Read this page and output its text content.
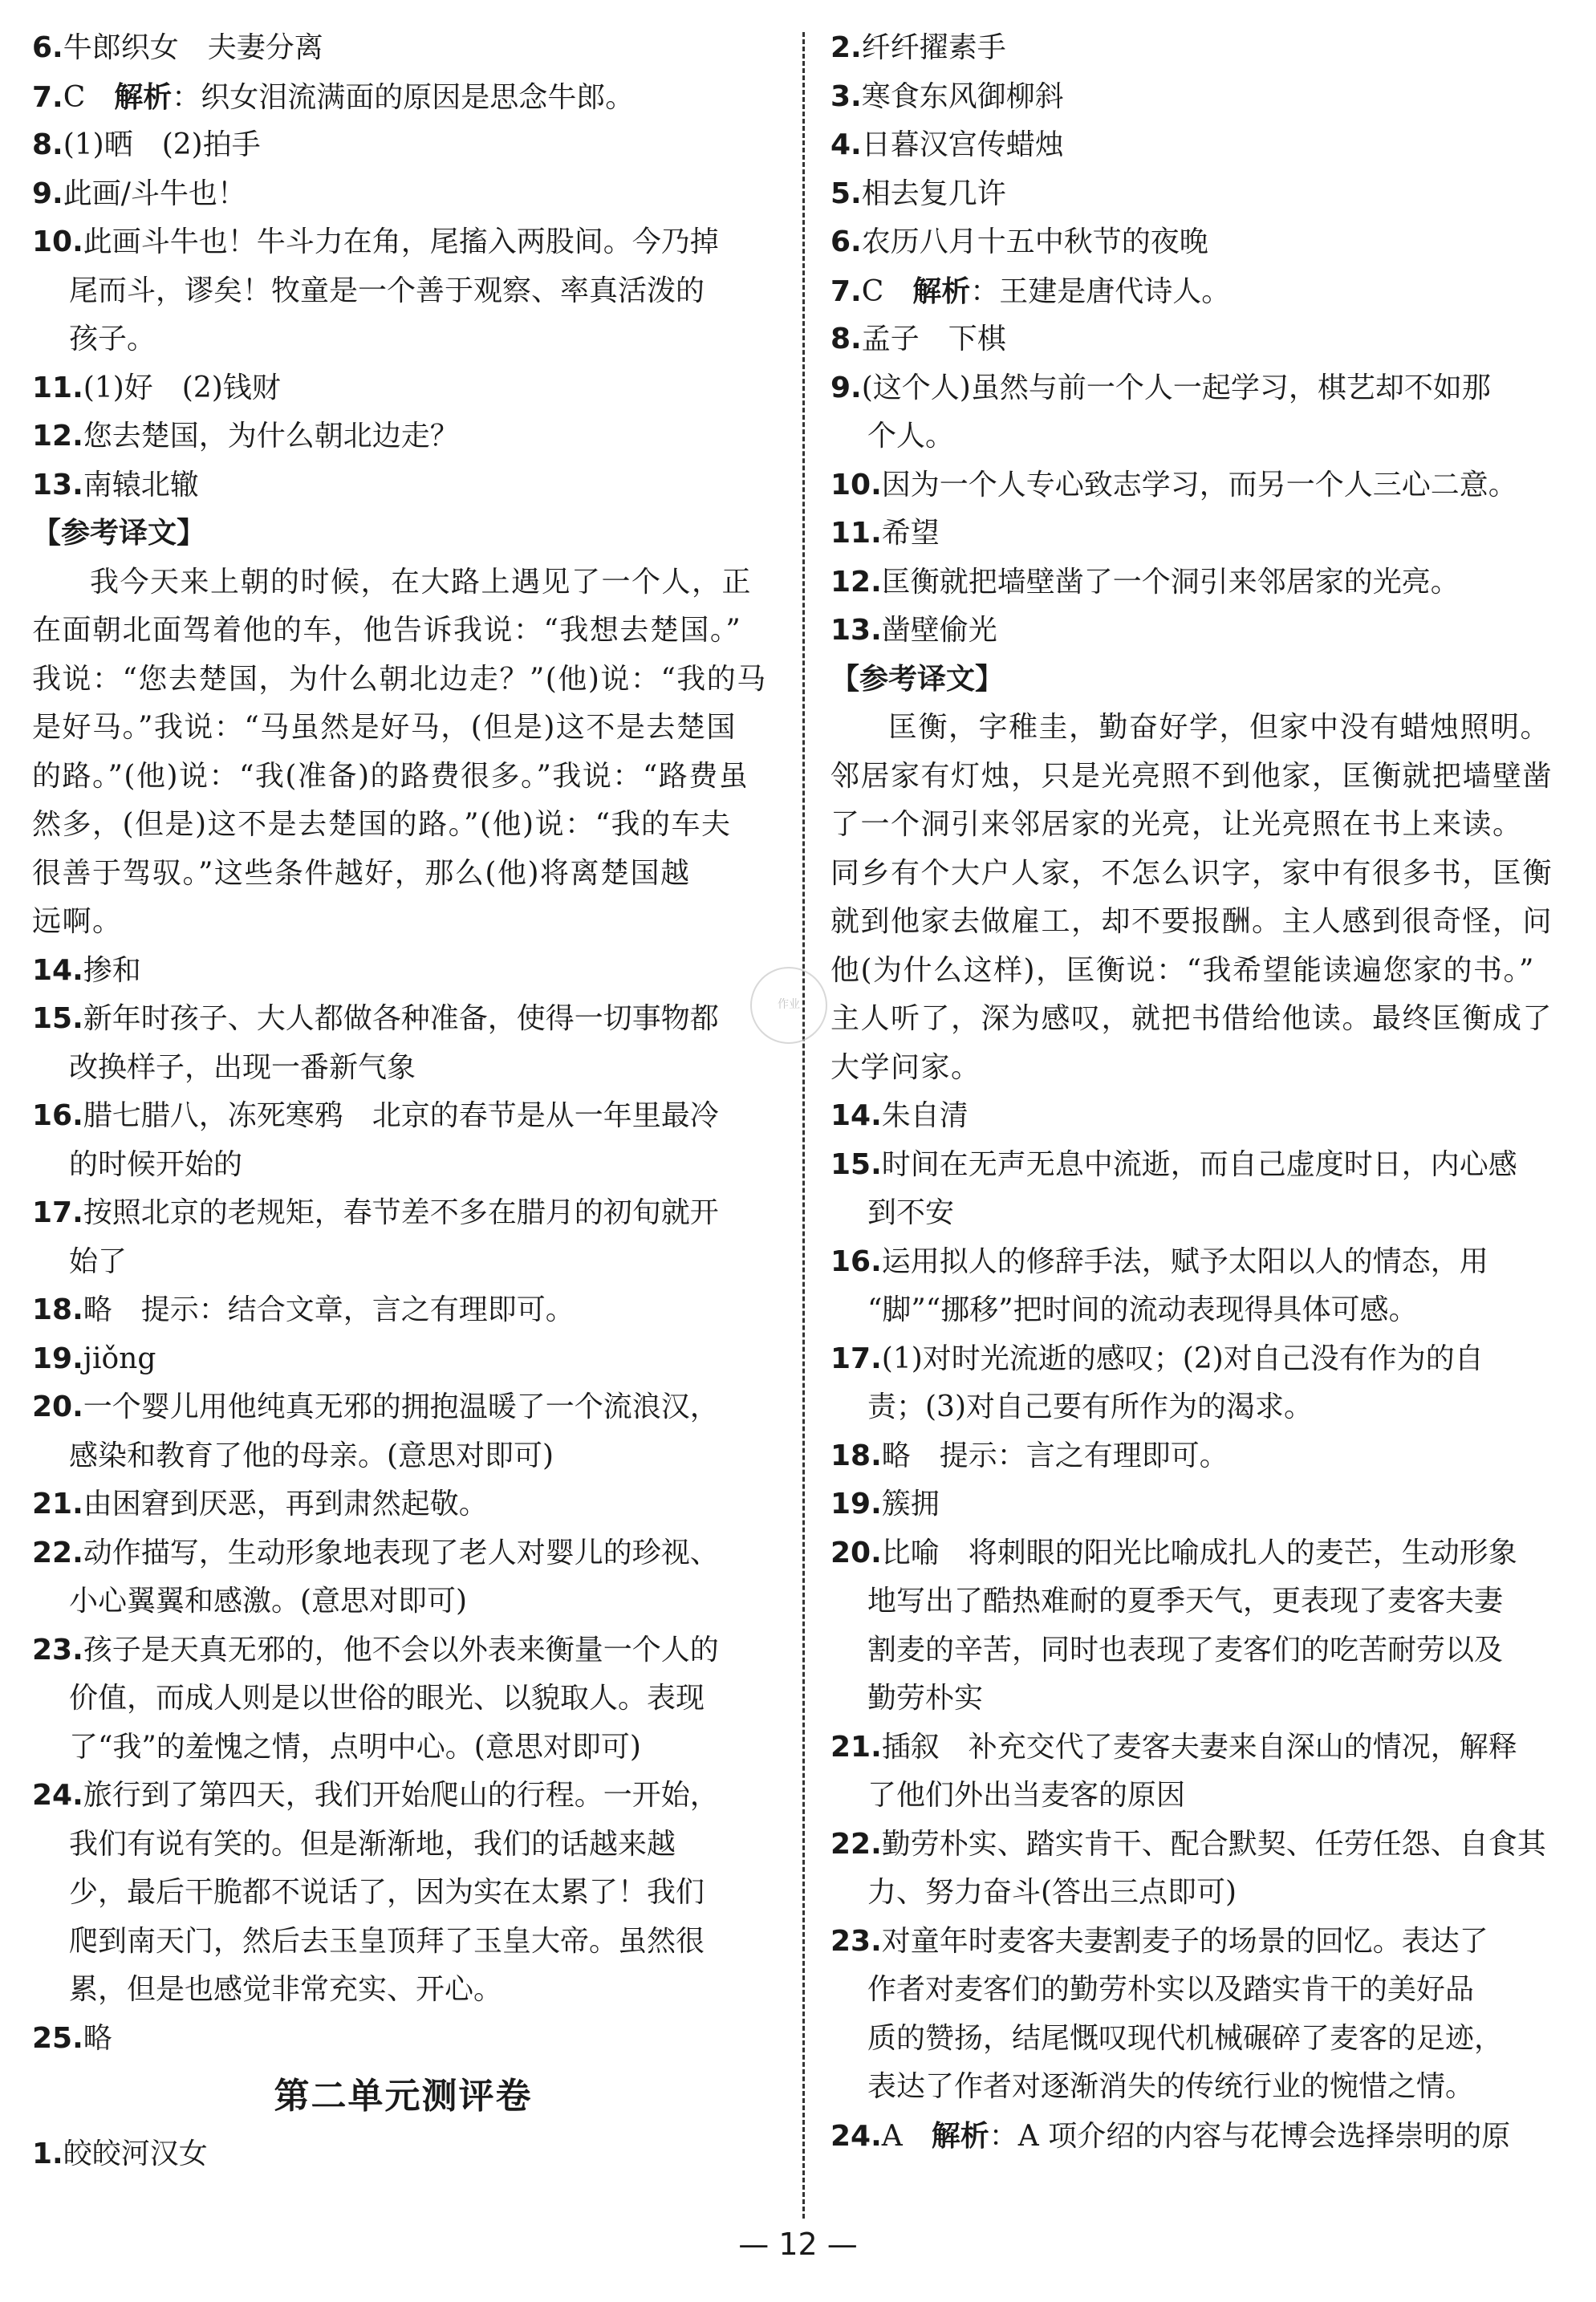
6.牛郎织女　夫妻分离
7.C　解析：织女泪流满面的原因是思念牛郎。
8.(1)晒　(2)拍手
9.此画/斗牛也！
10.此画斗牛也！牛斗力在角，尾搐入两股间。今乃掉
尾而斗，谬矣！牧童是一个善于观察、率真活泼的
孩子。
11.(1)好　(2)钱财
12.您去楚国，为什么朝北边走？
13.南辕北辙
【参考译文】
我今天来上朝的时候，在大路上遇见了一个人，正
在面朝北面驾着他的车，他告诉我说：“我想去楚国。”
我说：“您去楚国，为什么朝北边走？”(他)说：“我的马
是好马。”我说：“马虽然是好马，(但是)这不是去楚国
的路。”(他)说：“我(准备)的路费很多。”我说：“路费虽
然多，(但是)这不是去楚国的路。”(他)说：“我的车夫
很善于驾驭。”这些条件越好，那么(他)将离楚国越
远啊。
14.掺和
15.新年时孩子、大人都做各种准备，使得一切事物都
改换样子，出现一番新气象
16.腊七腊八，冻死寒鸦　北京的春节是从一年里最冷
的时候开始的
17.按照北京的老规矩，春节差不多在腊月的初旬就开
始了
18.略　提示：结合文章，言之有理即可。
19.jiǒng
20.一个婴儿用他纯真无邪的拥抱温暖了一个流浪汉，
感染和教育了他的母亲。(意思对即可)
21.由困窘到厌恶，再到肃然起敬。
22.动作描写，生动形象地表现了老人对婴儿的珍视、
小心翼翼和感激。(意思对即可)
23.孩子是天真无邪的，他不会以外表来衡量一个人的
价值，而成人则是以世俗的眼光、以貌取人。表现
了“我”的羞愧之情，点明中心。(意思对即可)
24.旅行到了第四天，我们开始爬山的行程。一开始，
我们有说有笑的。但是渐渐地，我们的话越来越
少，最后干脆都不说话了，因为实在太累了！我们
爬到南天门，然后去玉皇顶拜了玉皇大帝。虽然很
累，但是也感觉非常充实、开心。
25.略
第二单元测评卷
1.皎皎河汉女
2.纤纤擢素手
3.寒食东风御柳斜
4.日暮汉宫传蜡烛
5.相去复几许
6.农历八月十五中秋节的夜晚
7.C　解析：王建是唐代诗人。
8.孟子　下棋
9.(这个人)虽然与前一个人一起学习，棋艺却不如那
个人。
10.因为一个人专心致志学习，而另一个人三心二意。
11.希望
12.匡衡就把墙壁凿了一个洞引来邻居家的光亮。
13.凿壁偷光
【参考译文】
匡衡，字稚圭，勤奋好学，但家中没有蜡烛照明。
邻居家有灯烛，只是光亮照不到他家，匡衡就把墙壁凿
了一个洞引来邻居家的光亮，让光亮照在书上来读。
同乡有个大户人家，不怎么识字，家中有很多书，匡衡
就到他家去做雇工，却不要报酬。主人感到很奇怪，问
他(为什么这样)，匡衡说：“我希望能读遍您家的书。”
主人听了，深为感叹，就把书借给他读。最终匡衡成了
大学问家。
14.朱自清
15.时间在无声无息中流逝，而自己虚度时日，内心感
到不安
16.运用拟人的修辞手法，赋予太阳以人的情态，用
“脚”“挪移”把时间的流动表现得具体可感。
17.(1)对时光流逝的感叹；(2)对自己没有作为的自
责；(3)对自己要有所作为的渴求。
18.略　提示：言之有理即可。
19.簇拥
20.比喻　将刺眼的阳光比喻成扎人的麦芒，生动形象
地写出了酷热难耐的夏季天气，更表现了麦客夫妻
割麦的辛苦，同时也表现了麦客们的吃苦耐劳以及
勤劳朴实
21.插叙　补充交代了麦客夫妻来自深山的情况，解释
了他们外出当麦客的原因
22.勤劳朴实、踏实肯干、配合默契、任劳任怨、自食其
力、努力奋斗(答出三点即可)
23.对童年时麦客夫妻割麦子的场景的回忆。表达了
作者对麦客们的勤劳朴实以及踏实肯干的美好品
质的赞扬，结尾慨叹现代机械碾碎了麦客的足迹，
表达了作者对逐渐消失的传统行业的惋惜之情。
24.A　解析：A 项介绍的内容与花博会选择崇明的原
作业
— 12 —
